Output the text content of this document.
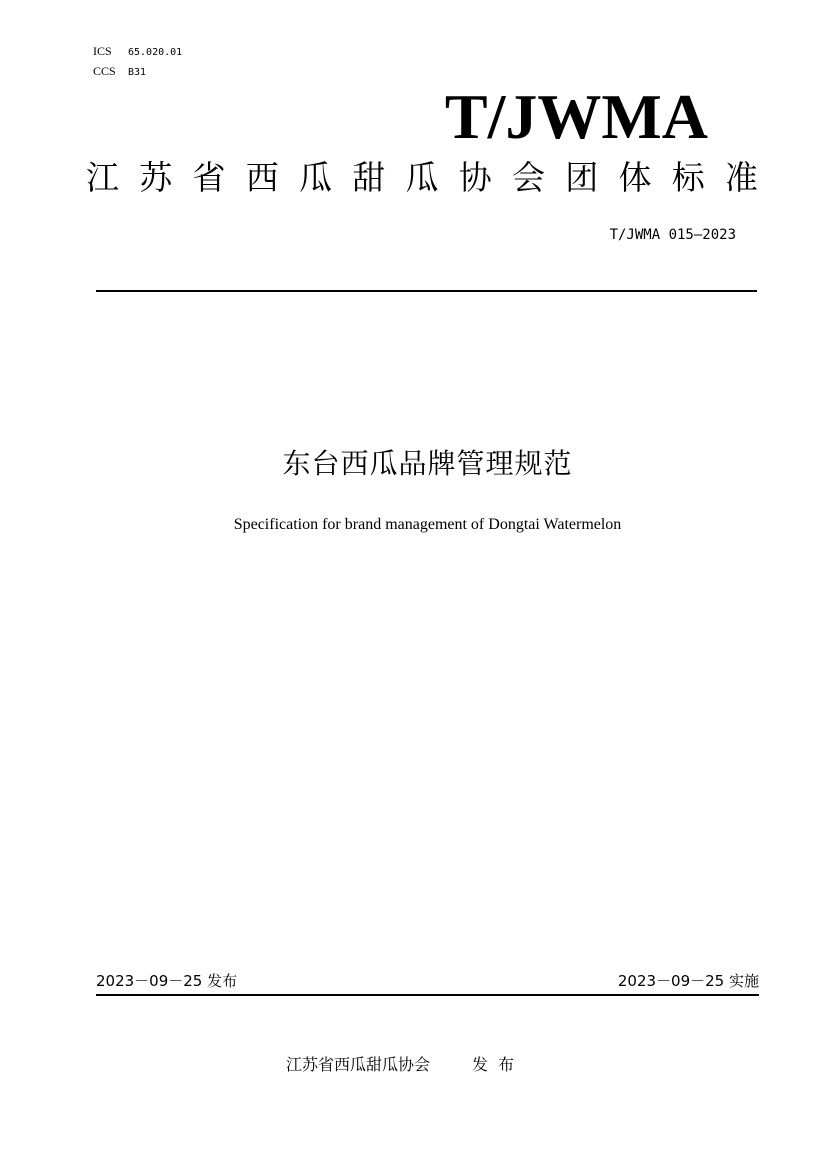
ICS 65.020.01
CCS B31
T/JWMA
江 苏 省 西 瓜 甜 瓜 协 会 团 体 标 准
T/JWMA 015—2023
东台西瓜品牌管理规范
Specification for brand management of Dongtai Watermelon
2023－09－25 发布	2023－09－25 实施
江苏省西瓜甜瓜协会	发布
